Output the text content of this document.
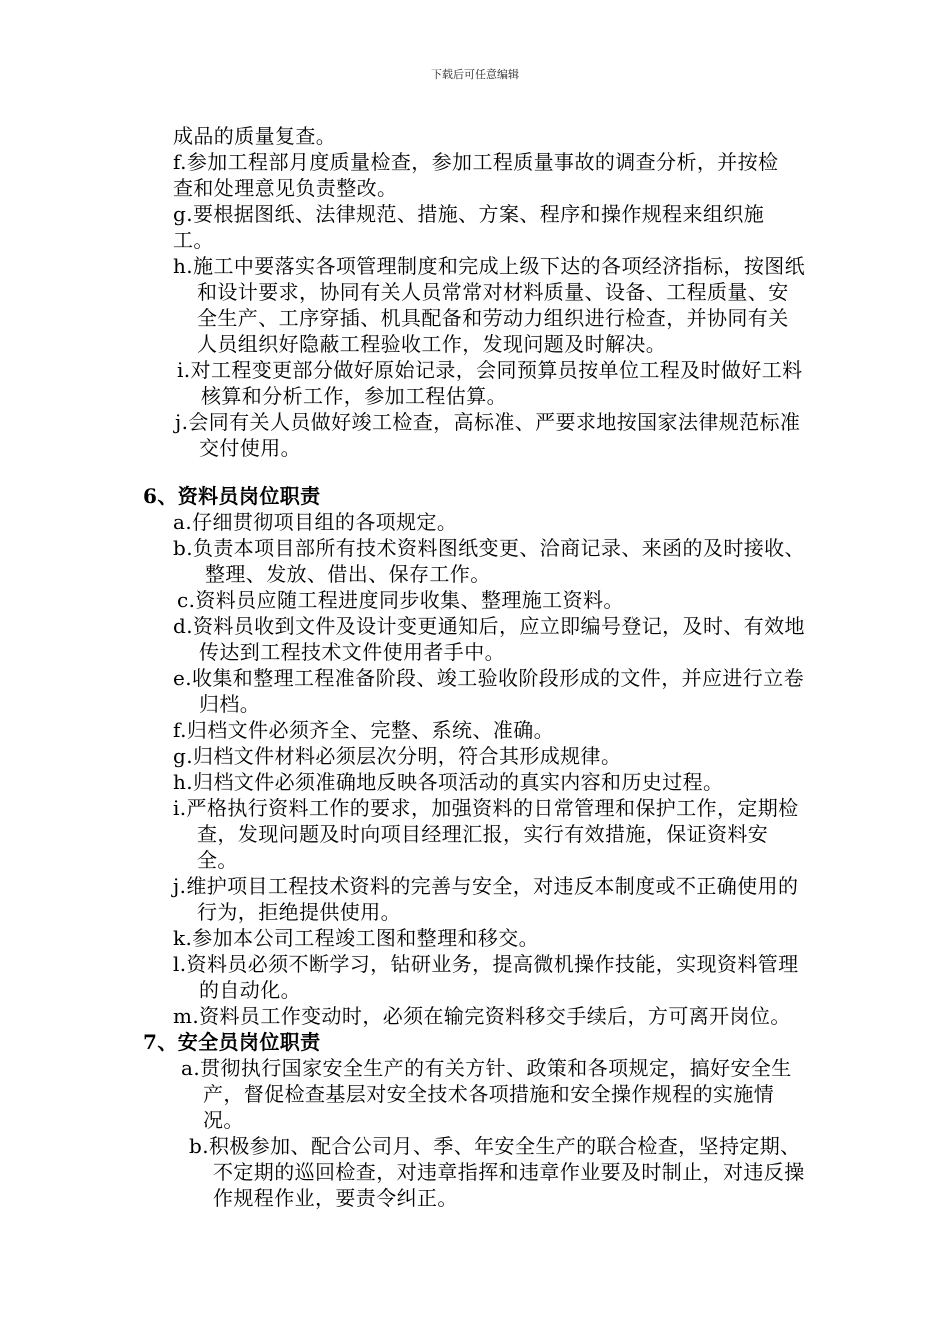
下载后可任意编辑

成品的质量复查。

f.参加工程部月度质量检查，参加工程质量事故的调查分析，并按检查和处理意见负责整改。

g.要根据图纸、法律规范、措施、方案、程序和操作规程来组织施工。

h.施工中要落实各项管理制度和完成上级下达的各项经济指标，按图纸和设计要求，协同有关人员常常对材料质量、设备、工程质量、安全生产、工序穿插、机具配备和劳动力组织进行检查，并协同有关人员组织好隐蔽工程验收工作，发现问题及时解决。

i.对工程变更部分做好原始记录，会同预算员按单位工程及时做好工料核算和分析工作，参加工程估算。

j.会同有关人员做好竣工检查，高标准、严要求地按国家法律规范标准交付使用。

6、资料员岗位职责

a.仔细贯彻项目组的各项规定。

b.负责本项目部所有技术资料图纸变更、洽商记录、来函的及时接收、整理、发放、借出、保存工作。

c.资料员应随工程进度同步收集、整理施工资料。

d.资料员收到文件及设计变更通知后，应立即编号登记，及时、有效地传达到工程技术文件使用者手中。

e.收集和整理工程准备阶段、竣工验收阶段形成的文件，并应进行立卷归档。

f.归档文件必须齐全、完整、系统、准确。

g.归档文件材料必须层次分明，符合其形成规律。

h.归档文件必须准确地反映各项活动的真实内容和历史过程。

i.严格执行资料工作的要求，加强资料的日常管理和保护工作，定期检查，发现问题及时向项目经理汇报，实行有效措施，保证资料安全。

j.维护项目工程技术资料的完善与安全，对违反本制度或不正确使用的行为，拒绝提供使用。

k.参加本公司工程竣工图和整理和移交。

l.资料员必须不断学习，钻研业务，提高微机操作技能，实现资料管理的自动化。

m.资料员工作变动时，必须在输完资料移交手续后，方可离开岗位。

7、安全员岗位职责

a.贯彻执行国家安全生产的有关方针、政策和各项规定，搞好安全生产，督促检查基层对安全技术各项措施和安全操作规程的实施情况。

b.积极参加、配合公司月、季、年安全生产的联合检查，坚持定期、不定期的巡回检查，对违章指挥和违章作业要及时制止，对违反操作规程作业，要责令纠正。
